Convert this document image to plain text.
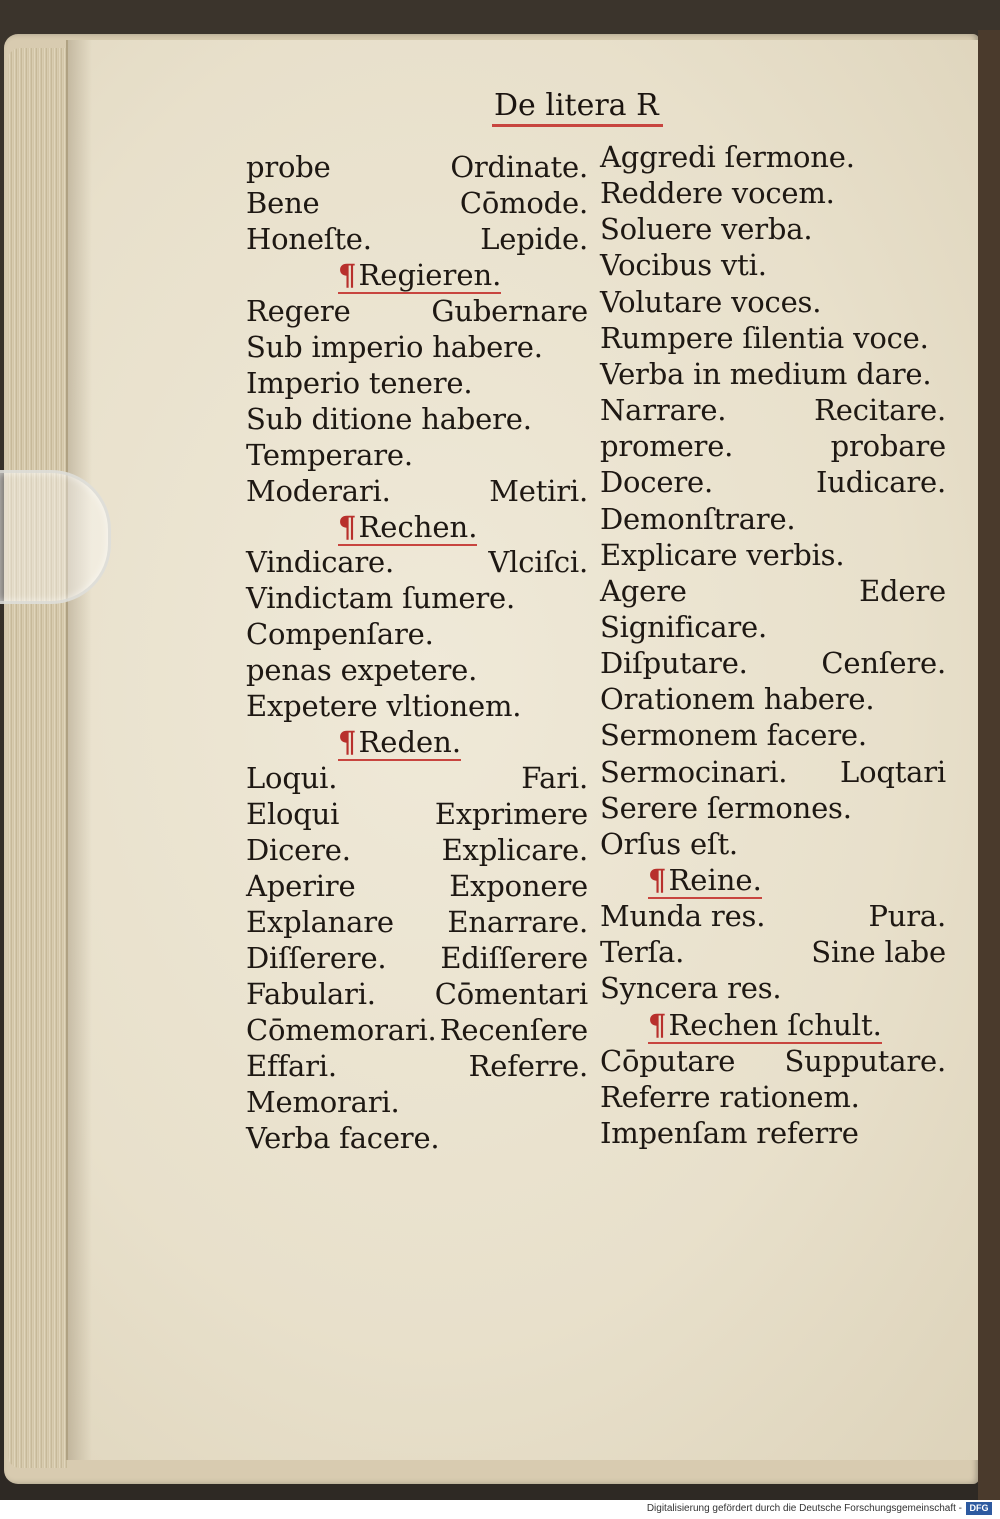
De litera R
probe	Ordinate.
Bene	Cōmode.
Honeſte.	Lepide.
¶Regieren.
Regere	Gubernare
Sub imperio habere.
Imperio tenere.
Sub ditione habere.
Temperare.
Moderari.	Metiri.
¶Rechen.
Vindicare.	Vlciſci.
Vindictam ſumere.
Compenſare.
penas expetere.
Expetere vltionem.
¶Reden.
Loqui.	Fari.
Eloqui	Exprimere
Dicere.	Explicare.
Aperire	Exponere
Explanare Enarrare.
Diſſerere. Ediſſerere
Fabulari. Cōmentari
Cōmemorari. Recenſere
Effari.	Referre.
Memorari.
Verba facere.
Aggredi ſermone.
Reddere vocem.
Soluere verba.
Vocibus vti.
Volutare voces.
Rumpere ſilentia voce.
Verba in medium dare.
Narrare.	Recitare.
promere.	probare
Docere.	Iudicare.
Demonſtrare.
Explicare verbis.
Agere	Edere
Significare.
Diſputare.	Cenſere.
Orationem habere.
Sermonem facere.
Sermocinari. Loqtari
Serere ſermones.
Orſus eſt.
¶Reine.
Munda res.	Pura.
Terſa.	Sine labe
Syncera res.
¶Rechen ſchult.
Cōputare Supputare.
Referre rationem.
Impenſam referre
Digitalisierung gefördert durch die Deutsche Forschungsgemeinschaft - DFG
